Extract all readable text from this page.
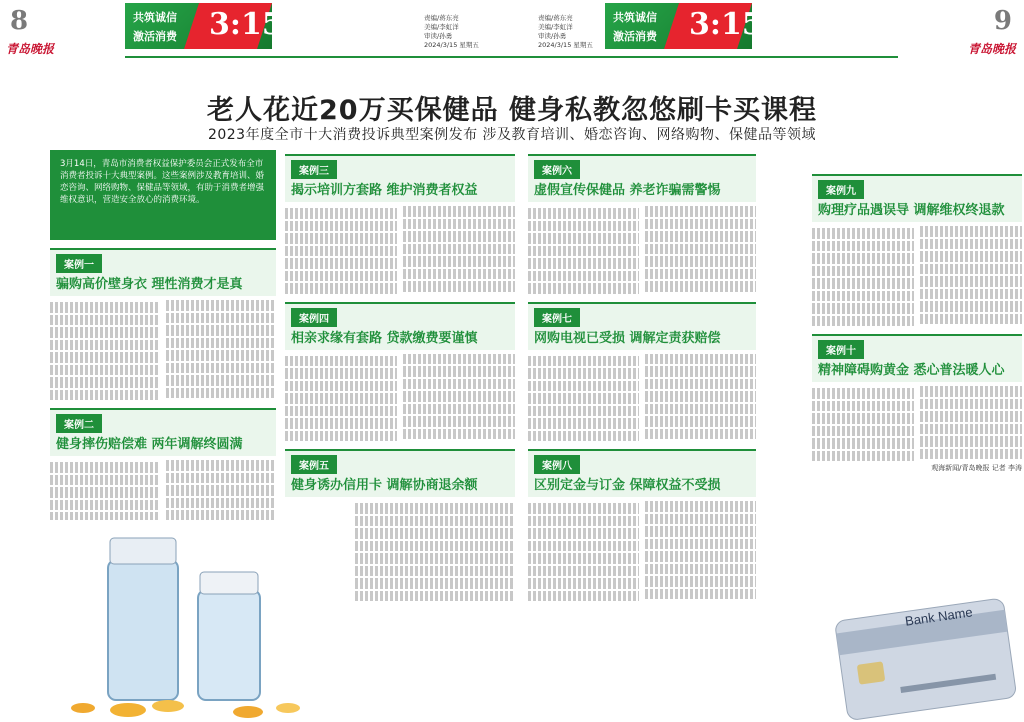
8
青岛晚报
共筑诚信
激活消费 3:15	责编/蒋东亮
美编/李虹洋
审读/孙勇
2024/3/15 星期五
责编/蒋东亮
美编/李虹洋
审读/孙勇
2024/3/15 星期五
共筑诚信
激活消费 3:15	9
青岛晚报
老人花近20万买保健品 健身私教忽悠刷卡买课程
2023年度全市十大消费投诉典型案例发布 涉及教育培训、婚恋咨询、网络购物、保健品等领域
3月14日，青岛市消费者权益保护委员会正式发布全市消费者投诉十大典型案例。这些案例涉及教育培训、婚恋咨询、网络购物、保健品等领域，有助于消费者增强维权意识，营造安全放心的消费环境。
案例一
骗购高价壁身衣 理性消费才是真
案例二
健身摔伤赔偿难 两年调解终圆满
案例三
揭示培训方套路 维护消费者权益
案例四
相亲求缘有套路 贷款缴费要谨慎
案例五
健身诱办信用卡 调解协商退余额
案例六
虚假宣传保健品 养老诈骗需警惕
案例七
网购电视已受损 调解定责获赔偿
案例八
区别定金与订金 保障权益不受损
案例九
购理疗品遇误导 调解维权终退款
案例十
精神障碍购黄金 悉心普法暖人心
观海新闻/青岛晚报 记者 李涛
Bank Name
